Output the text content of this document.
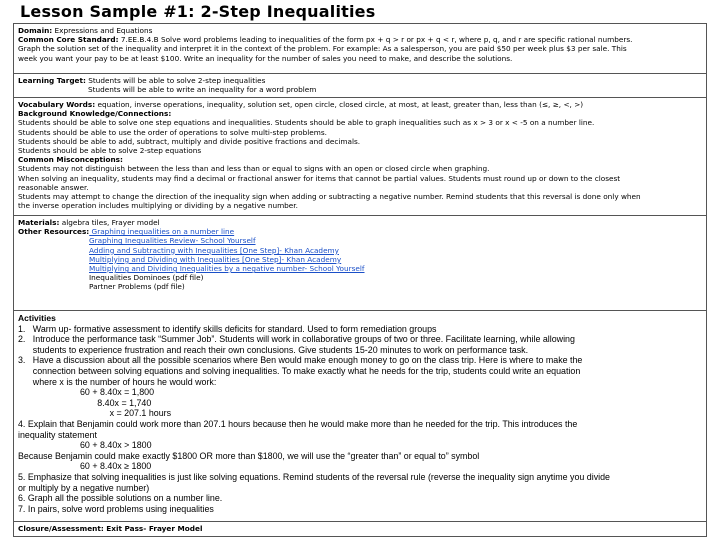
Lesson Sample #1: 2-Step Inequalities
Domain: Expressions and Equations
Common Core Standard: 7.EE.B.4.B Solve word problems leading to inequalities of the form px + q > r or px + q < r, where p, q, and r are specific rational numbers.
Graph the solution set of the inequality and interpret it in the context of the problem. For example: As a salesperson, you are paid $50 per week plus $3 per sale. This
week you want your pay to be at least $100. Write an inequality for the number of sales you need to make, and describe the solutions.
Learning Target: Students will be able to solve 2-step inequalities
Students will be able to write an inequality for a word problem
Vocabulary Words: equation, inverse operations, inequality, solution set, open circle, closed circle, at most, at least, greater than, less than (≤, ≥, <, >)
Background Knowledge/Connections:
Students should be able to solve one step equations and inequalities. Students should be able to graph inequalities such as x > 3 or x < -5 on a number line.
Students should be able to use the order of operations to solve multi-step problems.
Students should be able to add, subtract, multiply and divide positive fractions and decimals.
Students should be able to solve 2-step equations
Common Misconceptions:
Students may not distinguish between the less than and less than or equal to signs with an open or closed circle when graphing.
When solving an inequality, students may find a decimal or fractional answer for items that cannot be partial values. Students must round up or down to the closest
reasonable answer.
Students may attempt to change the direction of the inequality sign when adding or subtracting a negative number. Remind students that this reversal is done only when
the inverse operation includes multiplying or dividing by a negative number.
Materials: algebra tiles, Frayer model
Other Resources: Graphing inequalities on a number line
Graphing Inequalities Review- School Yourself
Adding and Subtracting with Inequalities [One Step]- Khan Academy
Multiplying and Dividing with Inequalities [One Step]- Khan Academy
Multiplying and Dividing Inequalities by a negative number- School Yourself
Inequalities Dominoes (pdf file)
Partner Problems (pdf file)
Activities
1.   Warm up- formative assessment to identify skills deficits for standard. Used to form remediation groups
2.   Introduce the performance task “Summer Job”. Students will work in collaborative groups of two or three. Facilitate learning, while allowing
students to experience frustration and reach their own conclusions. Give students 15-20 minutes to work on performance task.
3.   Have a discussion about all the possible scenarios where Ben would make enough money to go on the class trip. Here is where to make the
connection between solving equations and solving inequalities. To make exactly what he needs for the trip, students could write an equation
where x is the number of hours he would work:
60 + 8.40x = 1,800
8.40x = 1,740
x = 207.1 hours
4. Explain that Benjamin could work more than 207.1 hours because then he would make more than he needed for the trip. This introduces the
inequality statement
60 + 8.40x > 1800
Because Benjamin could make exactly $1800 OR more than $1800, we will use the “greater than” or equal to” symbol
60 + 8.40x ≥ 1800
5. Emphasize that solving inequalities is just like solving equations. Remind students of the reversal rule (reverse the inequality sign anytime you divide
or multiply by a negative number)
6. Graph all the possible solutions on a number line.
7. In pairs, solve word problems using inequalities
Closure/Assessment: Exit Pass- Frayer Model
